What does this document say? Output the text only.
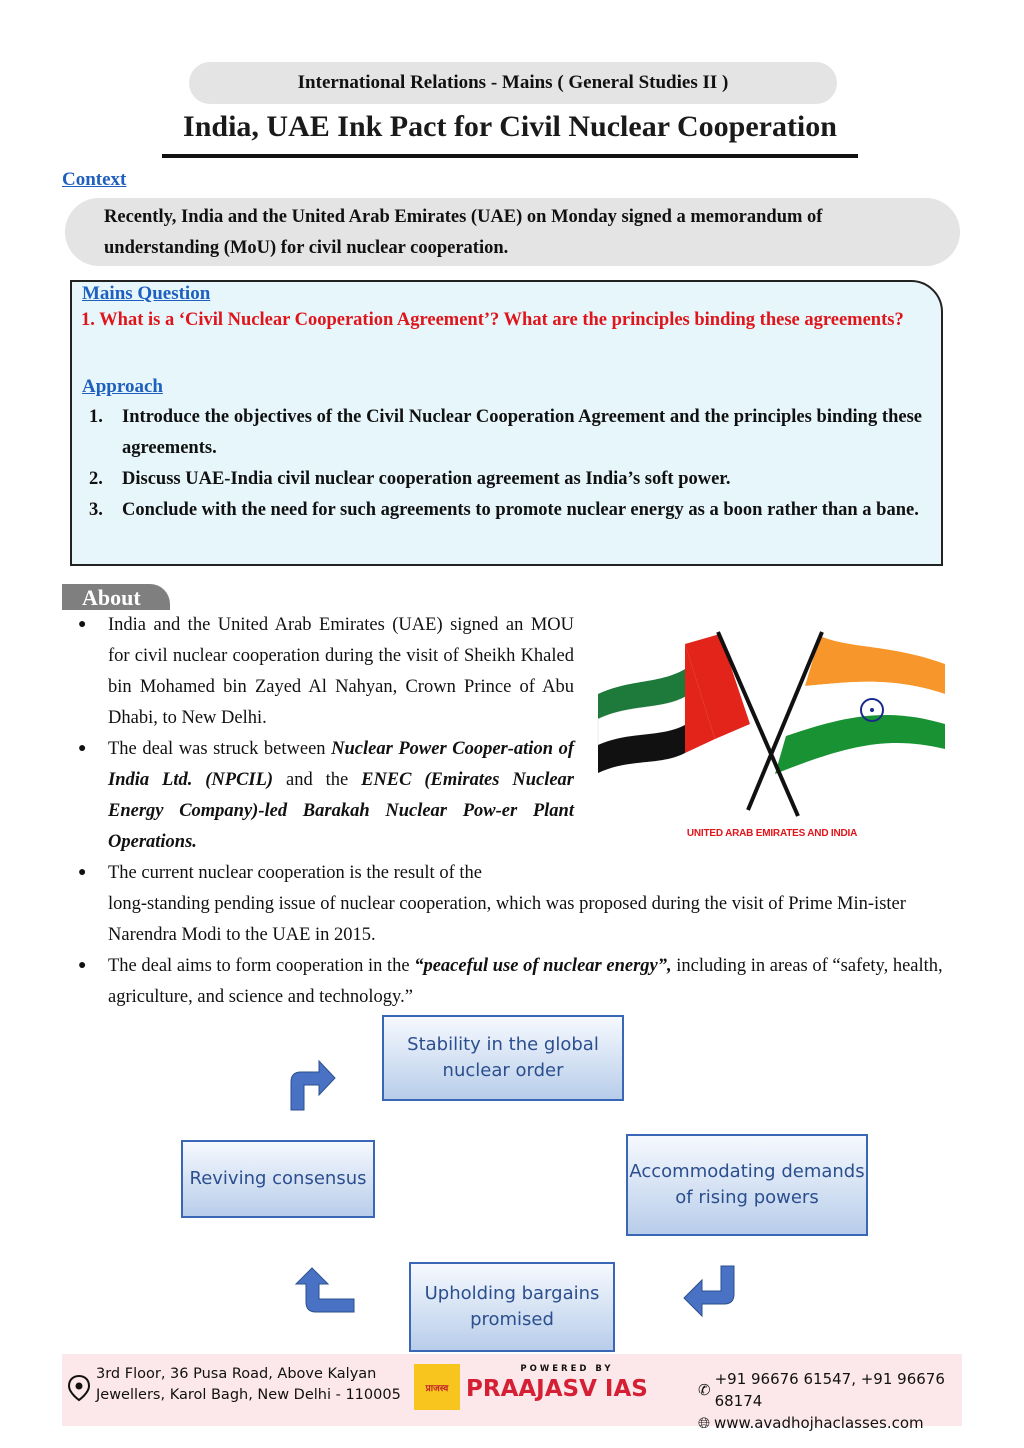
International Relations - Mains ( General Studies II )
India, UAE Ink Pact for Civil Nuclear Cooperation
Context
Recently, India and the United Arab Emirates (UAE) on Monday signed a memorandum of understanding (MoU) for civil nuclear cooperation.
Mains Question
1. What is a ‘Civil Nuclear Cooperation Agreement’? What are the principles binding these agreements?
Approach
1. Introduce the objectives of the Civil Nuclear Cooperation Agreement and the principles binding these agreements.
2. Discuss UAE-India civil nuclear cooperation agreement as India’s soft power.
3. Conclude with the need for such agreements to promote nuclear energy as a boon rather than a bane.
About
● India and the United Arab Emirates (UAE) signed an MOU for civil nuclear cooperation during the visit of Sheikh Khaled bin Mohamed bin Zayed Al Nahyan, Crown Prince of Abu Dhabi, to New Delhi.
● The deal was struck between Nuclear Power Cooper-ation of India Ltd. (NPCIL) and the ENEC (Emirates Nuclear Energy Company)-led Barakah Nuclear Pow-er Plant Operations.
● The current nuclear cooperation is the result of the
long-standing pending issue of nuclear cooperation, which was proposed during the visit of Prime Min-ister Narendra Modi to the UAE in 2015.
● The deal aims to form cooperation in the “peaceful use of nuclear energy”, including in areas of “safety, health, agriculture, and science and technology.”
UNITED ARAB EMIRATES AND INDIA
Stability in the global nuclear order
Accommodating demands of rising powers
Upholding bargains promised
Reviving consensus
3rd Floor, 36 Pusa Road, Above Kalyan
Jewellers, Karol Bagh, New Delhi - 110005	प्राजस्व
POWERED BY
PRAAJASV IAS	✆
+91 96676 61547, +91 96676 68174
🌐︎ www.avadhojhaclasses.com
